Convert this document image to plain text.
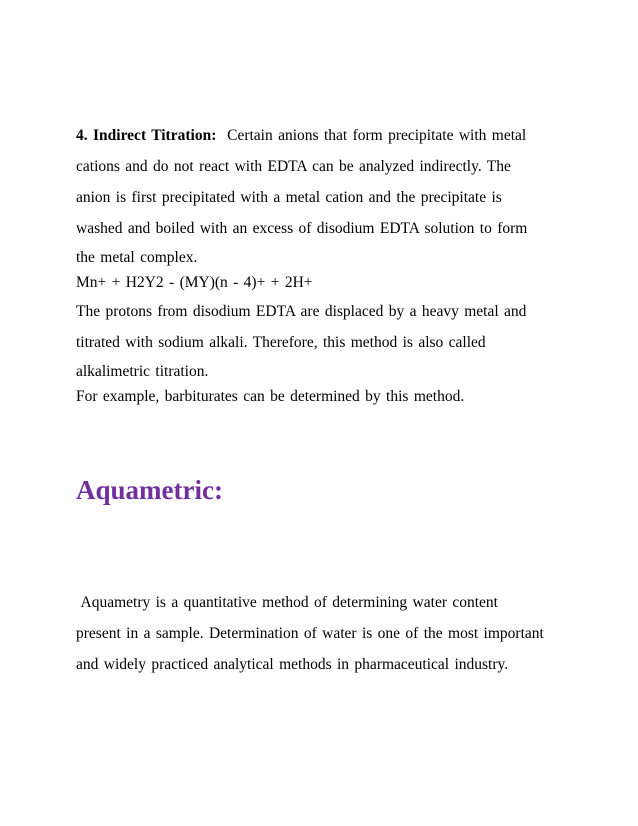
4. Indirect Titration: Certain anions that form precipitate with metal
cations and do not react with EDTA can be analyzed indirectly. The
anion is first precipitated with a metal cation and the precipitate is
washed and boiled with an excess of disodium EDTA solution to form
the metal complex.
Mn+ + H2Y2 - (MY)(n - 4)+ + 2H+
The protons from disodium EDTA are displaced by a heavy metal and
titrated with sodium alkali. Therefore, this method is also called
alkalimetric titration.
For example, barbiturates can be determined by this method.
Aquametric:
Aquametry is a quantitative method of determining water content
present in a sample. Determination of water is one of the most important
and widely practiced analytical methods in pharmaceutical industry.
